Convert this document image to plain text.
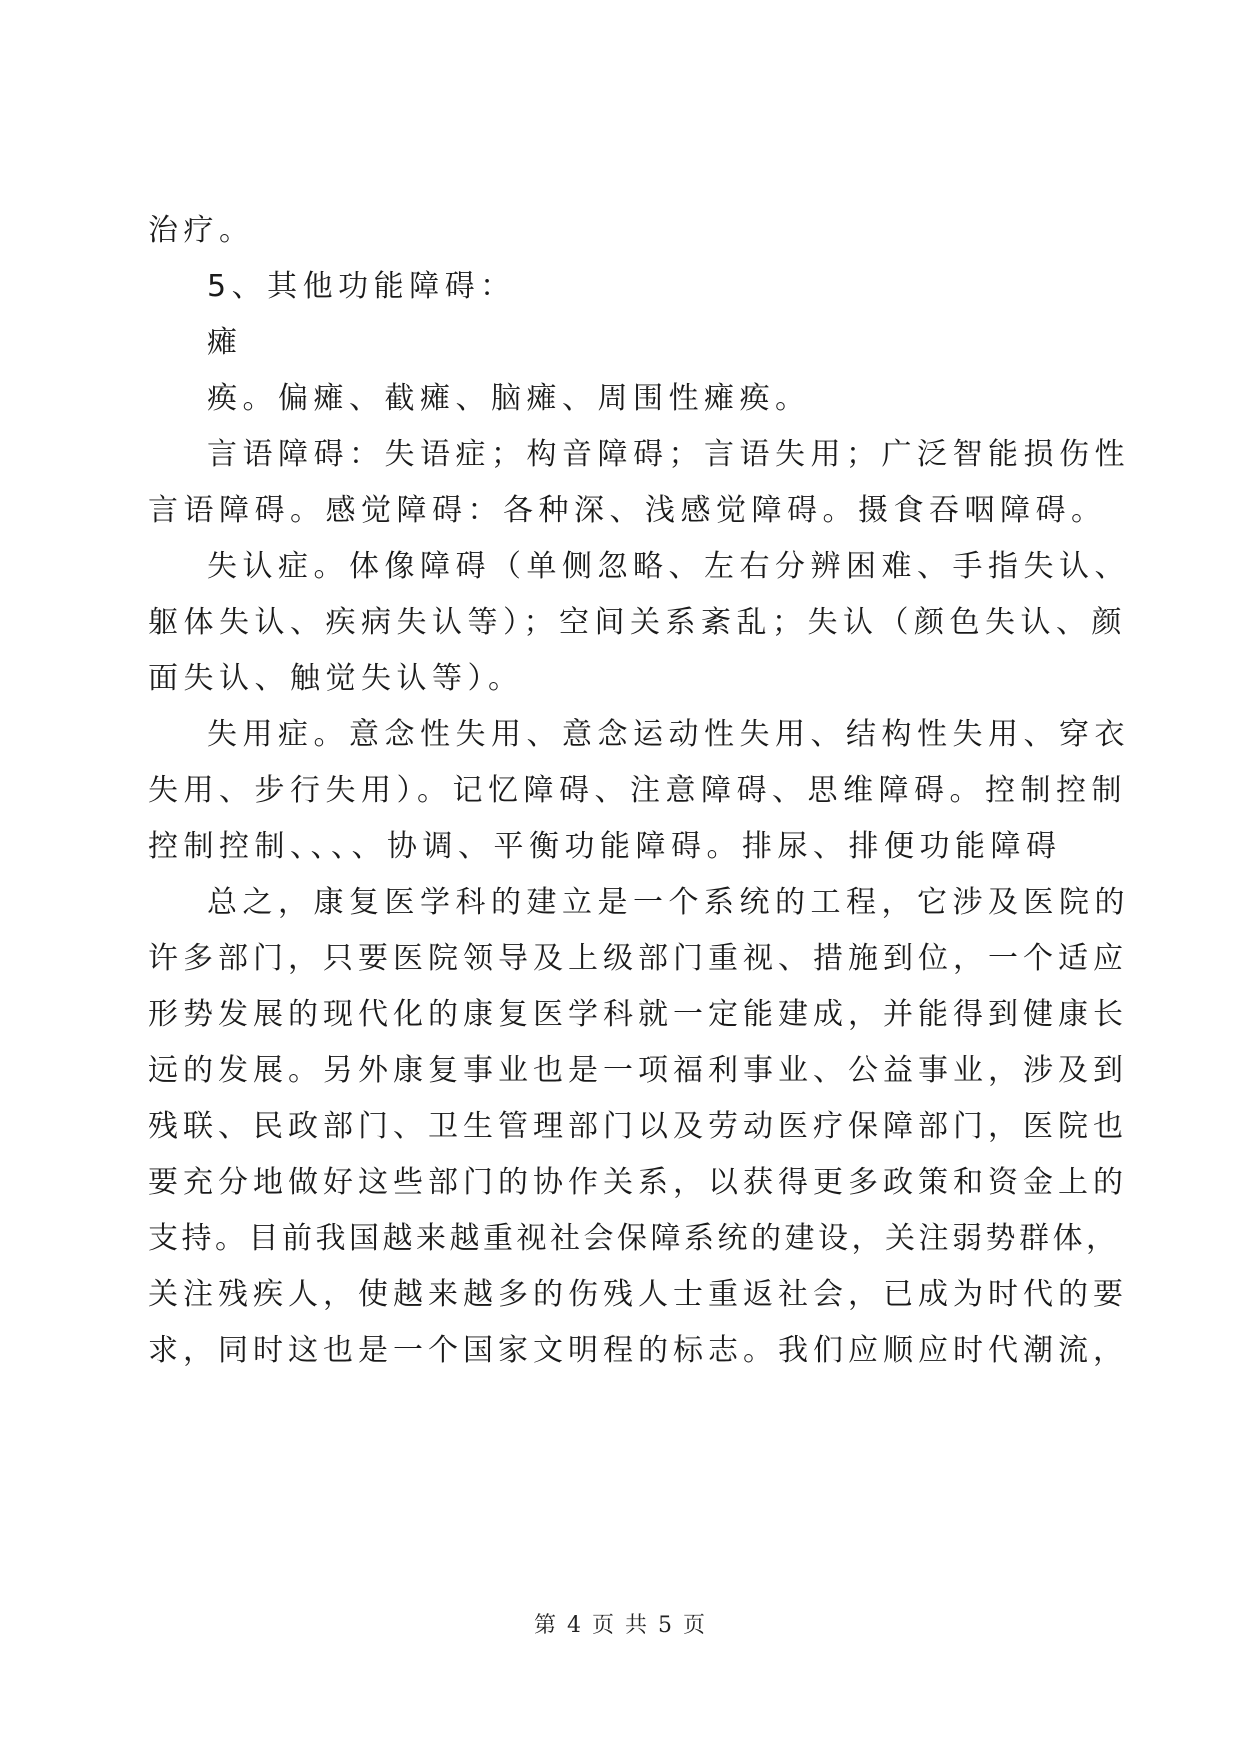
治疗。
5、其他功能障碍：
瘫
痪。偏瘫、截瘫、脑瘫、周围性瘫痪。
言语障碍：失语症；构音障碍；言语失用；广泛智能损伤性
言语障碍。感觉障碍：各种深、浅感觉障碍。摄食吞咽障碍。
失认症。体像障碍（单侧忽略、左右分辨困难、手指失认、
躯体失认、疾病失认等）；空间关系紊乱；失认（颜色失认、颜
面失认、触觉失认等）。
失用症。意念性失用、意念运动性失用、结构性失用、穿衣
失用、步行失用）。记忆障碍、注意障碍、思维障碍。控制控制
控制控制、、、、协调、平衡功能障碍。排尿、排便功能障碍
总之，康复医学科的建立是一个系统的工程，它涉及医院的
许多部门，只要医院领导及上级部门重视、措施到位，一个适应
形势发展的现代化的康复医学科就一定能建成，并能得到健康长
远的发展。另外康复事业也是一项福利事业、公益事业，涉及到
残联、民政部门、卫生管理部门以及劳动医疗保障部门，医院也
要充分地做好这些部门的协作关系，以获得更多政策和资金上的
支持。目前我国越来越重视社会保障系统的建设，关注弱势群体，
关注残疾人，使越来越多的伤残人士重返社会，已成为时代的要
求，同时这也是一个国家文明程的标志。我们应顺应时代潮流，
第 4 页 共 5 页
